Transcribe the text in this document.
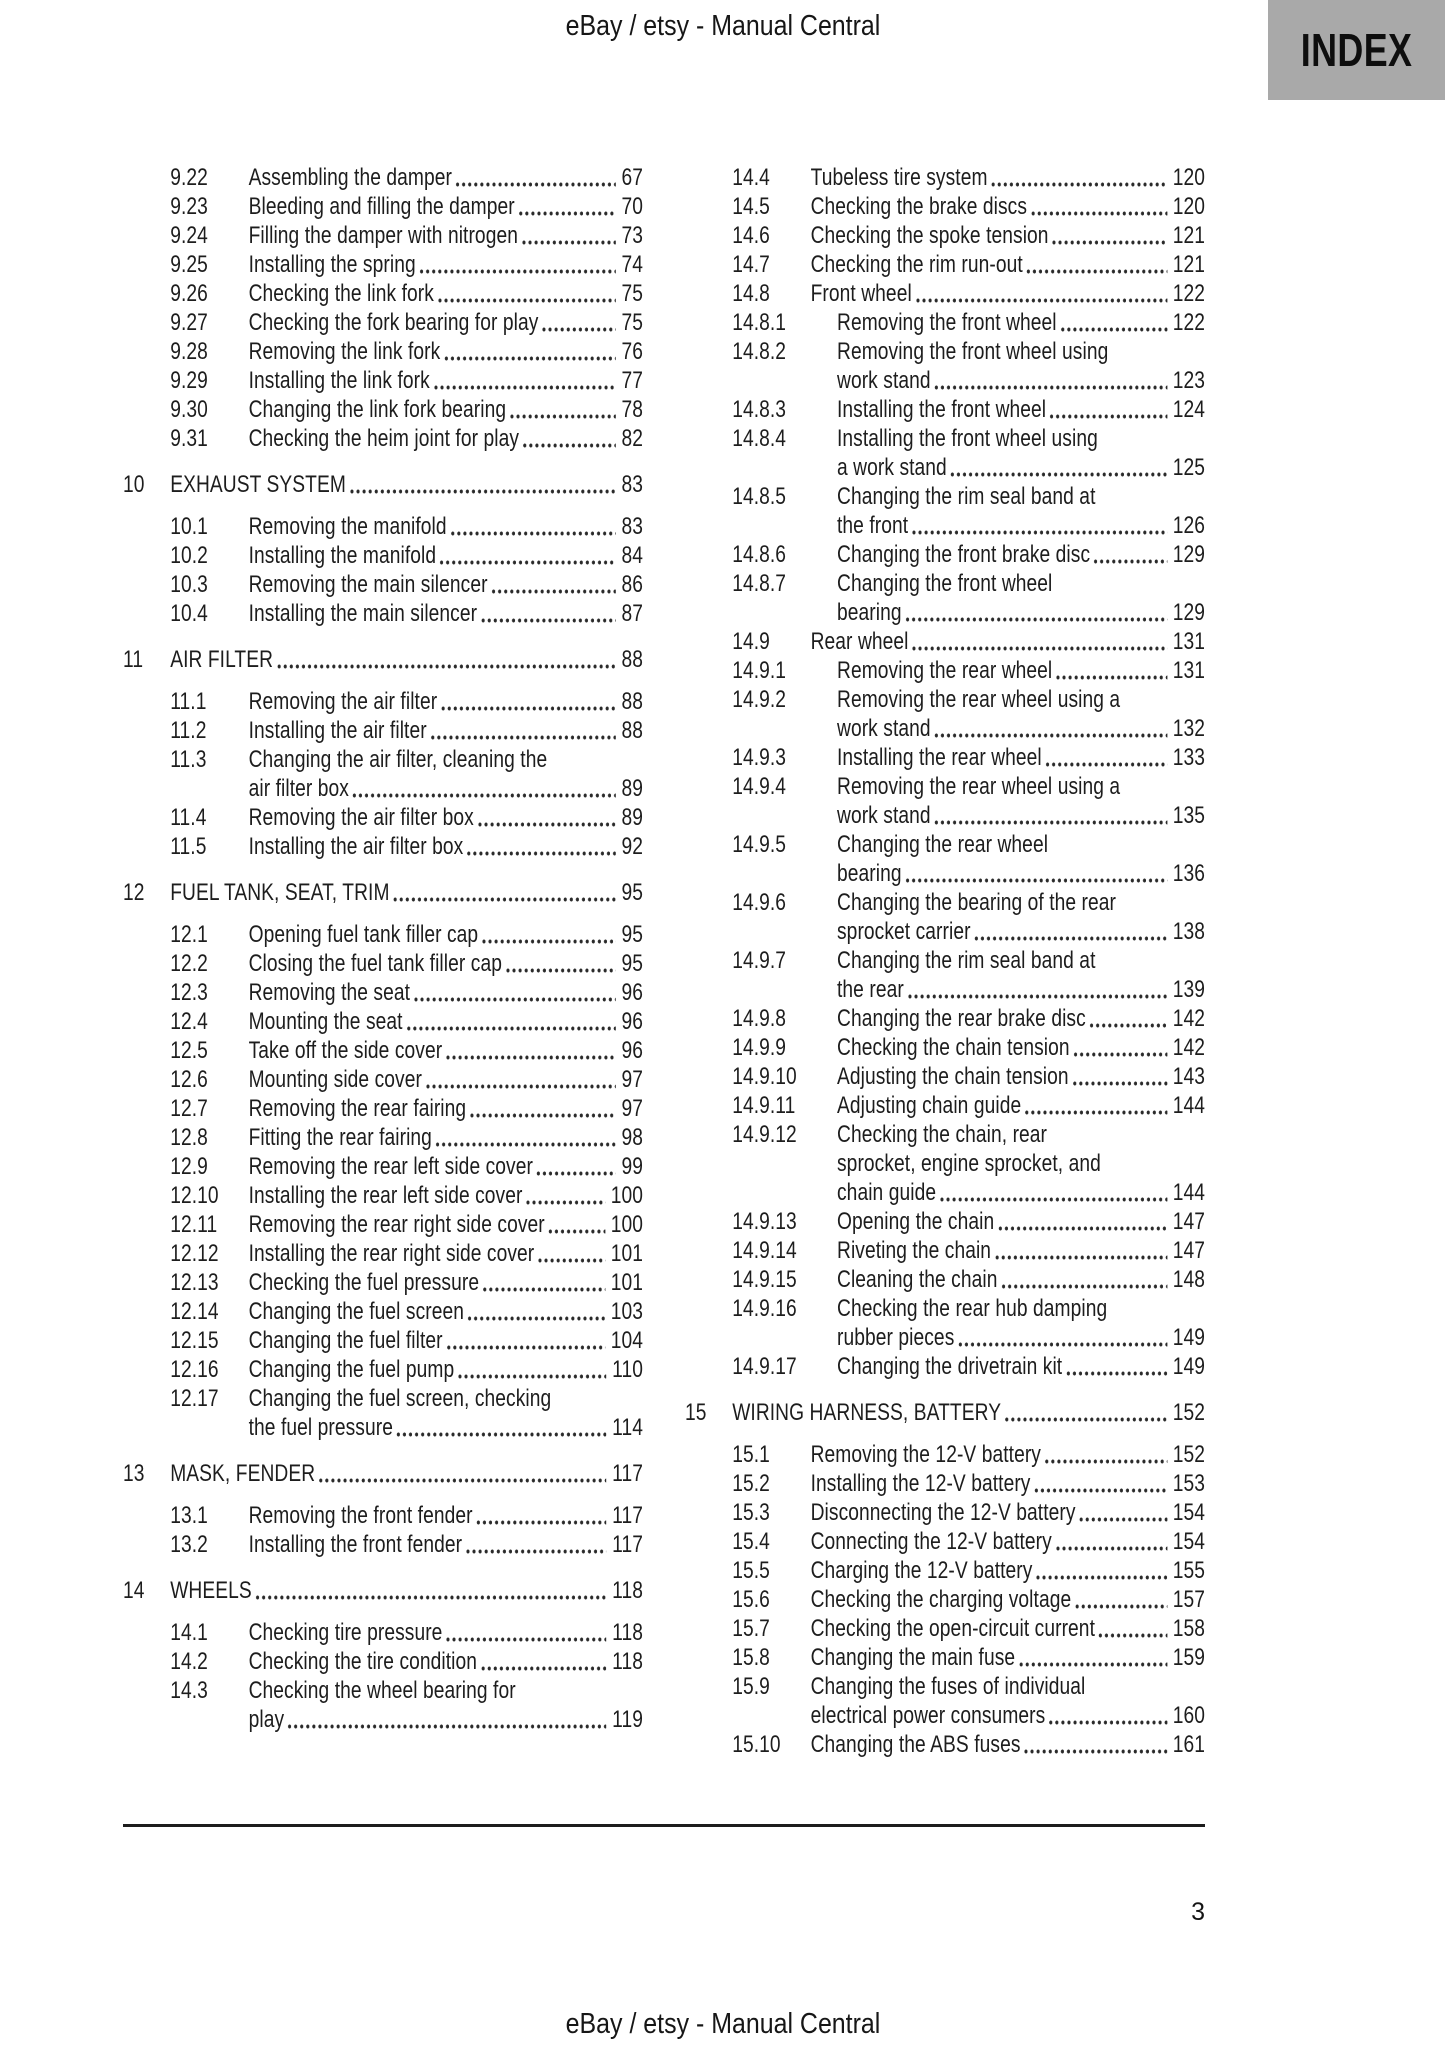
eBay / etsy - Manual Central	INDEX
9.22	Assembling the damper	67
9.23	Bleeding and filling the damper	70
9.24	Filling the damper with nitrogen	73
9.25	Installing the spring	74
9.26	Checking the link fork	75
9.27	Checking the fork bearing for play	75
9.28	Removing the link fork	76
9.29	Installing the link fork	77
9.30	Changing the link fork bearing	78
9.31	Checking the heim joint for play	82
10	EXHAUST SYSTEM	83
10.1	Removing the manifold	83
10.2	Installing the manifold	84
10.3	Removing the main silencer	86
10.4	Installing the main silencer	87
11	AIR FILTER	88
11.1	Removing the air filter	88
11.2	Installing the air filter	88
11.3	Changing the air filter, cleaning the
air filter box	89
11.4	Removing the air filter box	89
11.5	Installing the air filter box	92
12	FUEL TANK, SEAT, TRIM	95
12.1	Opening fuel tank filler cap	95
12.2	Closing the fuel tank filler cap	95
12.3	Removing the seat	96
12.4	Mounting the seat	96
12.5	Take off the side cover	96
12.6	Mounting side cover	97
12.7	Removing the rear fairing	97
12.8	Fitting the rear fairing	98
12.9	Removing the rear left side cover	99
12.10	Installing the rear left side cover	100
12.11	Removing the rear right side cover	100
12.12	Installing the rear right side cover	101
12.13	Checking the fuel pressure	101
12.14	Changing the fuel screen	103
12.15	Changing the fuel filter	104
12.16	Changing the fuel pump	110
12.17	Changing the fuel screen, checking
the fuel pressure	114
13	MASK, FENDER	117
13.1	Removing the front fender	117
13.2	Installing the front fender	117
14	WHEELS	118
14.1	Checking tire pressure	118
14.2	Checking the tire condition	118
14.3	Checking the wheel bearing for
play	119
14.4	Tubeless tire system	120
14.5	Checking the brake discs	120
14.6	Checking the spoke tension	121
14.7	Checking the rim run-out	121
14.8	Front wheel	122
14.8.1	Removing the front wheel	122
14.8.2	Removing the front wheel using
work stand	123
14.8.3	Installing the front wheel	124
14.8.4	Installing the front wheel using
a work stand	125
14.8.5	Changing the rim seal band at
the front	126
14.8.6	Changing the front brake disc	129
14.8.7	Changing the front wheel
bearing	129
14.9	Rear wheel	131
14.9.1	Removing the rear wheel	131
14.9.2	Removing the rear wheel using a
work stand	132
14.9.3	Installing the rear wheel	133
14.9.4	Removing the rear wheel using a
work stand	135
14.9.5	Changing the rear wheel
bearing	136
14.9.6	Changing the bearing of the rear
sprocket carrier	138
14.9.7	Changing the rim seal band at
the rear	139
14.9.8	Changing the rear brake disc	142
14.9.9	Checking the chain tension	142
14.9.10	Adjusting the chain tension	143
14.9.11	Adjusting chain guide	144
14.9.12	Checking the chain, rear
sprocket, engine sprocket, and
chain guide	144
14.9.13	Opening the chain	147
14.9.14	Riveting the chain	147
14.9.15	Cleaning the chain	148
14.9.16	Checking the rear hub damping
rubber pieces	149
14.9.17	Changing the drivetrain kit	149
15	WIRING HARNESS, BATTERY	152
15.1	Removing the 12-V battery	152
15.2	Installing the 12-V battery	153
15.3	Disconnecting the 12-V battery	154
15.4	Connecting the 12-V battery	154
15.5	Charging the 12-V battery	155
15.6	Checking the charging voltage	157
15.7	Checking the open-circuit current	158
15.8	Changing the main fuse	159
15.9	Changing the fuses of individual
electrical power consumers	160
15.10	Changing the ABS fuses	161
3
eBay / etsy - Manual Central
